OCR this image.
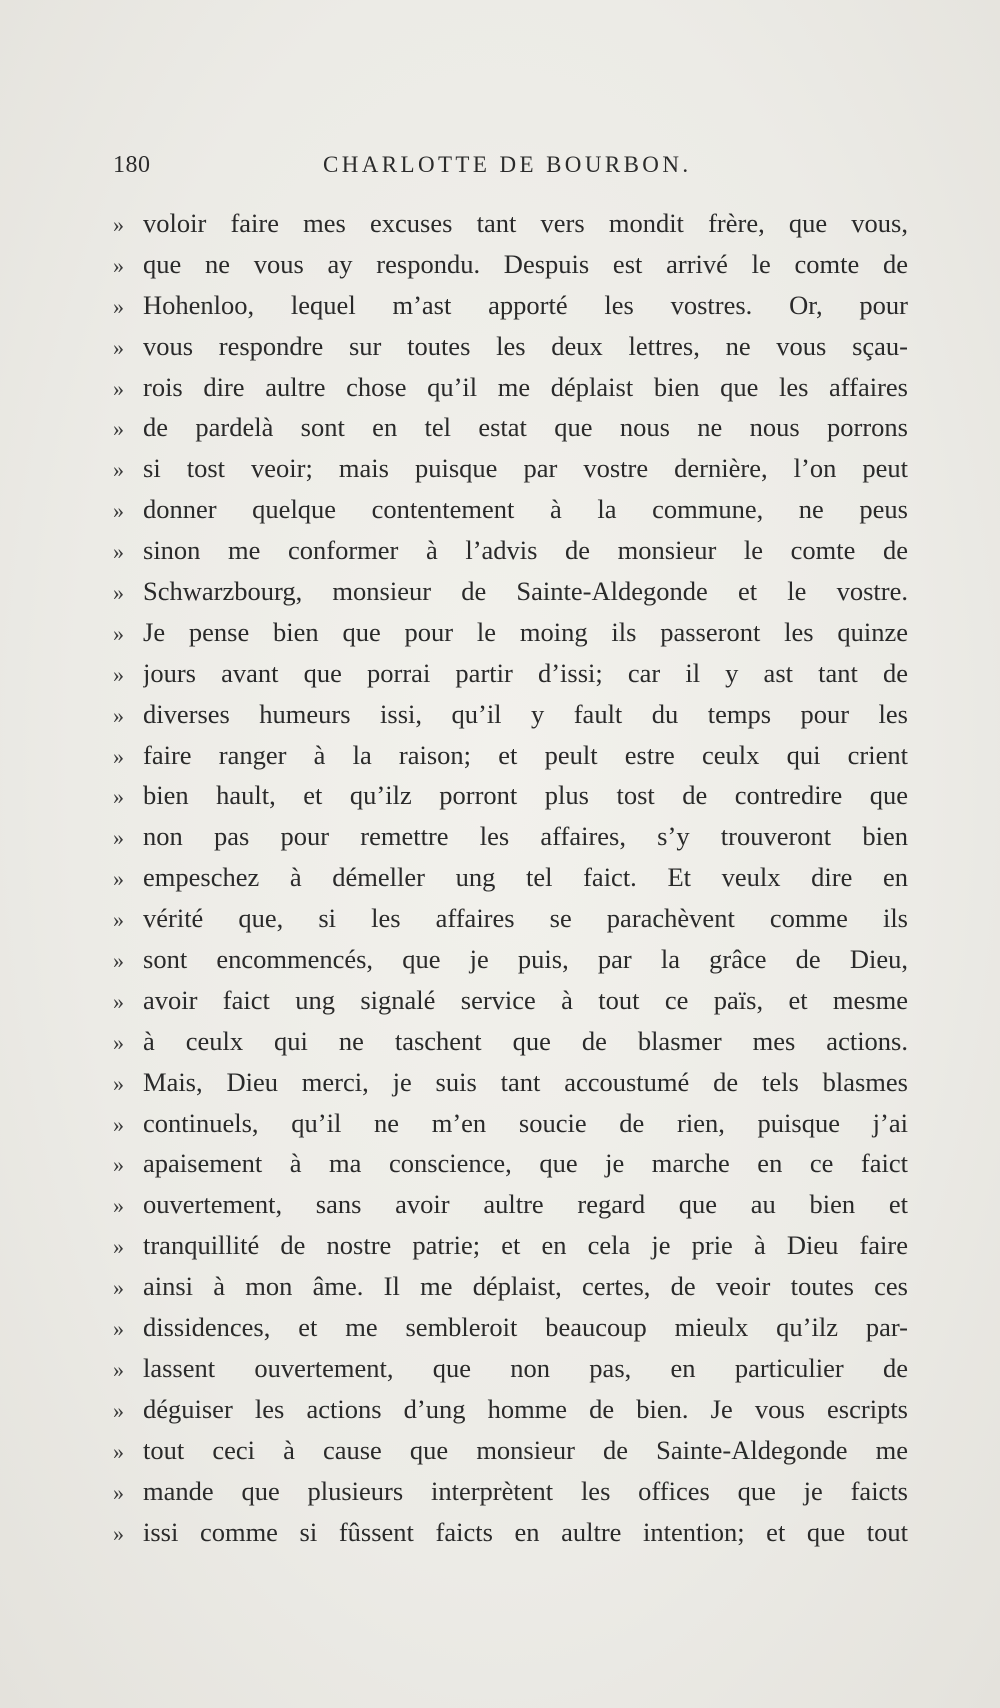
180	CHARLOTTE DE BOURBON.
» voloir faire mes excuses tant vers mondit frère, que vous,
» que ne vous ay respondu. Despuis est arrivé le comte de
» Hohenloo, lequel m’ast apporté les vostres. Or, pour
» vous respondre sur toutes les deux lettres, ne vous sçau-
» rois dire aultre chose qu’il me déplaist bien que les affaires
» de pardelà sont en tel estat que nous ne nous porrons
» si tost veoir; mais puisque par vostre dernière, l’on peut
» donner quelque contentement à la commune, ne peus
» sinon me conformer à l’advis de monsieur le comte de
» Schwarzbourg, monsieur de Sainte-Aldegonde et le vostre.
» Je pense bien que pour le moing ils passeront les quinze
» jours avant que porrai partir d’issi; car il y ast tant de
» diverses humeurs issi, qu’il y fault du temps pour les
» faire ranger à la raison; et peult estre ceulx qui crient
» bien hault, et qu’ilz porront plus tost de contredire que
» non pas pour remettre les affaires, s’y trouveront bien
» empeschez à démeller ung tel faict. Et veulx dire en
» vérité que, si les affaires se parachèvent comme ils
» sont encommencés, que je puis, par la grâce de Dieu,
» avoir faict ung signalé service à tout ce païs, et mesme
» à ceulx qui ne taschent que de blasmer mes actions.
» Mais, Dieu merci, je suis tant accoustumé de tels blasmes
» continuels, qu’il ne m’en soucie de rien, puisque j’ai
» apaisement à ma conscience, que je marche en ce faict
» ouvertement, sans avoir aultre regard que au bien et
» tranquillité de nostre patrie; et en cela je prie à Dieu faire
» ainsi à mon âme. Il me déplaist, certes, de veoir toutes ces
» dissidences, et me sembleroit beaucoup mieulx qu’ilz par-
» lassent ouvertement, que non pas, en particulier de
» déguiser les actions d’ung homme de bien. Je vous escripts
» tout ceci à cause que monsieur de Sainte-Aldegonde me
» mande que plusieurs interprètent les offices que je faicts
» issi comme si fûssent faicts en aultre intention; et que tout
